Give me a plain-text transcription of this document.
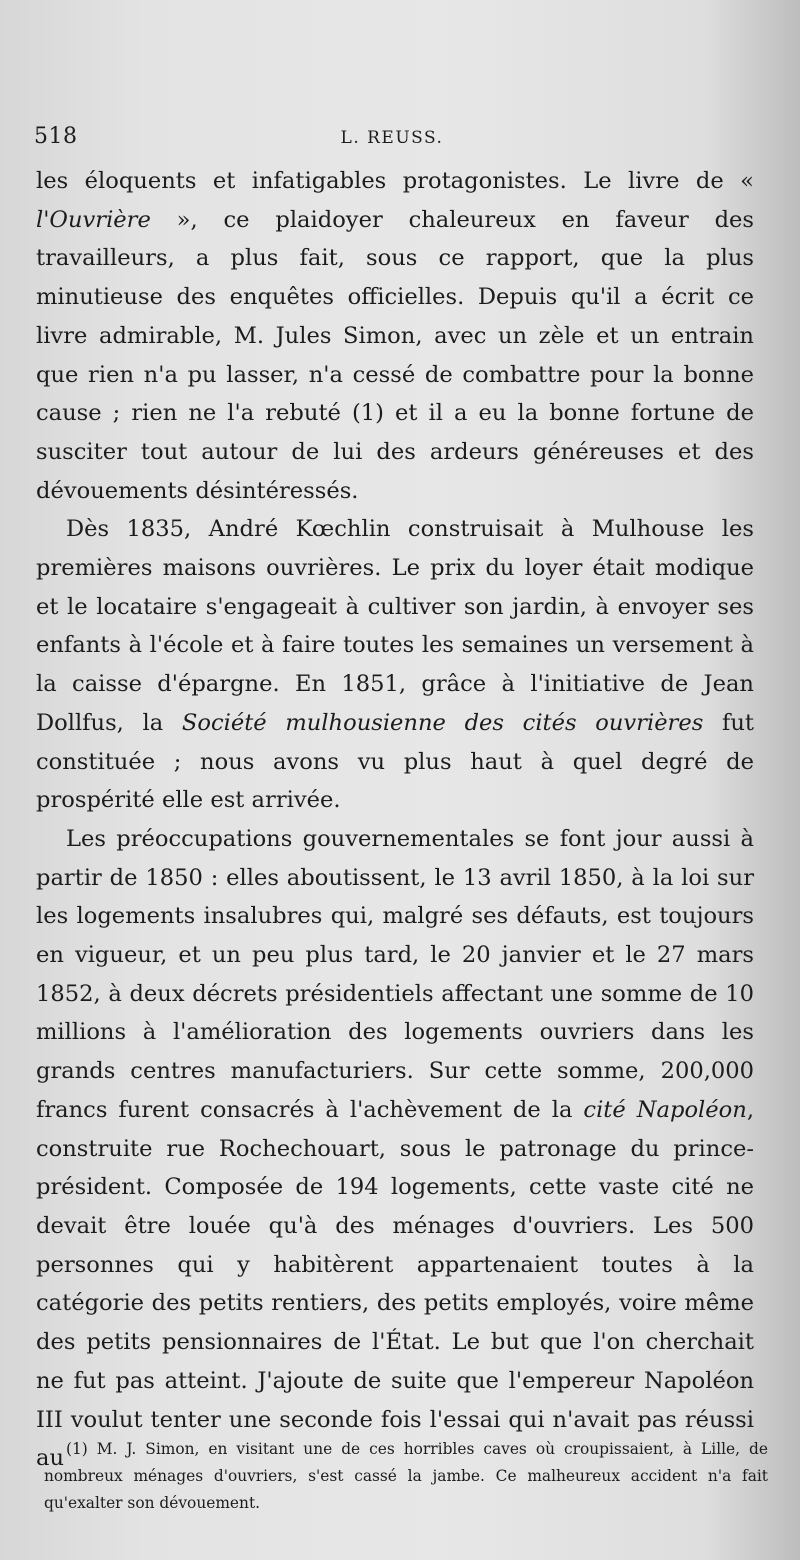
518	L. REUSS.

les éloquents et infatigables protagonistes. Le livre de « l'Ouvrière », ce plaidoyer chaleureux en faveur des travailleurs, a plus fait, sous ce rapport, que la plus minutieuse des enquêtes officielles. Depuis qu'il a écrit ce livre admirable, M. Jules Simon, avec un zèle et un entrain que rien n'a pu lasser, n'a cessé de combattre pour la bonne cause ; rien ne l'a rebuté (1) et il a eu la bonne fortune de susciter tout autour de lui des ardeurs généreuses et des dévouements désintéressés.

Dès 1835, André Kœchlin construisait à Mulhouse les premières maisons ouvrières. Le prix du loyer était modique et le locataire s'engageait à cultiver son jardin, à envoyer ses enfants à l'école et à faire toutes les semaines un versement à la caisse d'épargne. En 1851, grâce à l'initiative de Jean Dollfus, la Société mulhousienne des cités ouvrières fut constituée ; nous avons vu plus haut à quel degré de prospérité elle est arrivée.

Les préoccupations gouvernementales se font jour aussi à partir de 1850 : elles aboutissent, le 13 avril 1850, à la loi sur les logements insalubres qui, malgré ses défauts, est toujours en vigueur, et un peu plus tard, le 20 janvier et le 27 mars 1852, à deux décrets présidentiels affectant une somme de 10 millions à l'amélioration des logements ouvriers dans les grands centres manufacturiers. Sur cette somme, 200,000 francs furent consacrés à l'achèvement de la cité Napoléon, construite rue Rochechouart, sous le patronage du prince-président. Composée de 194 logements, cette vaste cité ne devait être louée qu'à des ménages d'ouvriers. Les 500 personnes qui y habitèrent appartenaient toutes à la catégorie des petits rentiers, des petits employés, voire même des petits pensionnaires de l'État. Le but que l'on cherchait ne fut pas atteint. J'ajoute de suite que l'empereur Napoléon III voulut tenter une seconde fois l'essai qui n'avait pas réussi au (1) M. J. Simon, en visitant une de ces horribles caves où croupissaient, à Lille, de nombreux ménages d'ouvriers, s'est cassé la jambe. Ce malheureux accident n'a fait qu'exalter son dévouement.
